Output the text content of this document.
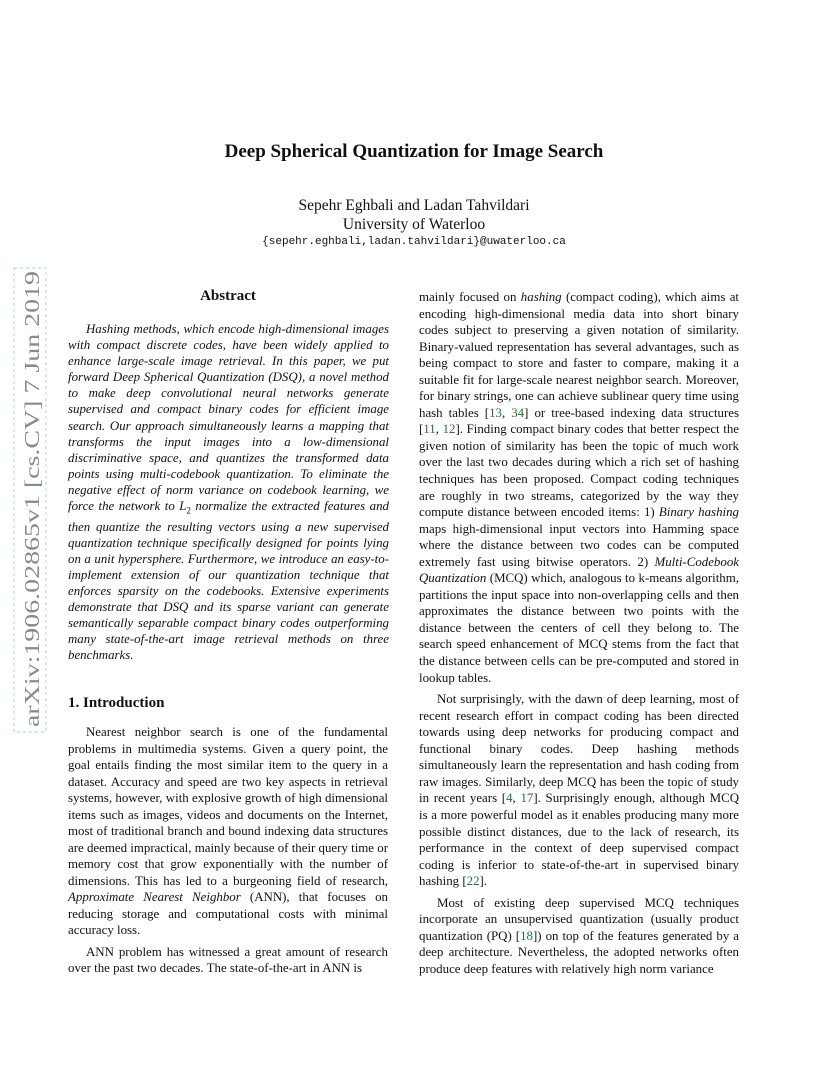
arXiv:1906.02865v1 [cs.CV] 7 Jun 2019
Deep Spherical Quantization for Image Search
Sepehr Eghbali and Ladan Tahvildari
University of Waterloo
{sepehr.eghbali,ladan.tahvildari}@uwaterloo.ca
Abstract

Hashing methods, which encode high-dimensional images with compact discrete codes, have been widely applied to enhance large-scale image retrieval. In this paper, we put forward Deep Spherical Quantization (DSQ), a novel method to make deep convolutional neural networks generate supervised and compact binary codes for efficient image search. Our approach simultaneously learns a mapping that transforms the input images into a low-dimensional discriminative space, and quantizes the transformed data points using multi-codebook quantization. To eliminate the negative effect of norm variance on codebook learning, we force the network to $L_2$ normalize the extracted features and then quantize the resulting vectors using a new supervised quantization technique specifically designed for points lying on a unit hypersphere. Furthermore, we introduce an easy-to-implement extension of our quantization technique that enforces sparsity on the codebooks. Extensive experiments demonstrate that DSQ and its sparse variant can generate semantically separable compact binary codes outperforming many state-of-the-art image retrieval methods on three benchmarks.

1. Introduction

Nearest neighbor search is one of the fundamental problems in multimedia systems. Given a query point, the goal entails finding the most similar item to the query in a dataset. Accuracy and speed are two key aspects in retrieval systems, however, with explosive growth of high dimensional items such as images, videos and documents on the Internet, most of traditional branch and bound indexing data structures are deemed impractical, mainly because of their query time or memory cost that grow exponentially with the number of dimensions. This has led to a burgeoning field of research, Approximate Nearest Neighbor (ANN), that focuses on reducing storage and computational costs with minimal accuracy loss.

ANN problem has witnessed a great amount of research over the past two decades. The state-of-the-art in ANN is

mainly focused on hashing (compact coding), which aims at encoding high-dimensional media data into short binary codes subject to preserving a given notation of similarity. Binary-valued representation has several advantages, such as being compact to store and faster to compare, making it a suitable fit for large-scale nearest neighbor search. Moreover, for binary strings, one can achieve sublinear query time using hash tables [13, 34] or tree-based indexing data structures [11, 12]. Finding compact binary codes that better respect the given notion of similarity has been the topic of much work over the last two decades during which a rich set of hashing techniques has been proposed. Compact coding techniques are roughly in two streams, categorized by the way they compute distance between encoded items: 1) Binary hashing maps high-dimensional input vectors into Hamming space where the distance between two codes can be computed extremely fast using bitwise operators. 2) Multi-Codebook Quantization (MCQ) which, analogous to k-means algorithm, partitions the input space into non-overlapping cells and then approximates the distance between two points with the distance between the centers of cell they belong to. The search speed enhancement of MCQ stems from the fact that the distance between cells can be pre-computed and stored in lookup tables.

Not surprisingly, with the dawn of deep learning, most of recent research effort in compact coding has been directed towards using deep networks for producing compact and functional binary codes. Deep hashing methods simultaneously learn the representation and hash coding from raw images. Similarly, deep MCQ has been the topic of study in recent years [4, 17]. Surprisingly enough, although MCQ is a more powerful model as it enables producing many more possible distinct distances, due to the lack of research, its performance in the context of deep supervised compact coding is inferior to state-of-the-art in supervised binary hashing [22].

Most of existing deep supervised MCQ techniques incorporate an unsupervised quantization (usually product quantization (PQ) [18]) on top of the features generated by a deep architecture. Nevertheless, the adopted networks often produce deep features with relatively high norm variance
